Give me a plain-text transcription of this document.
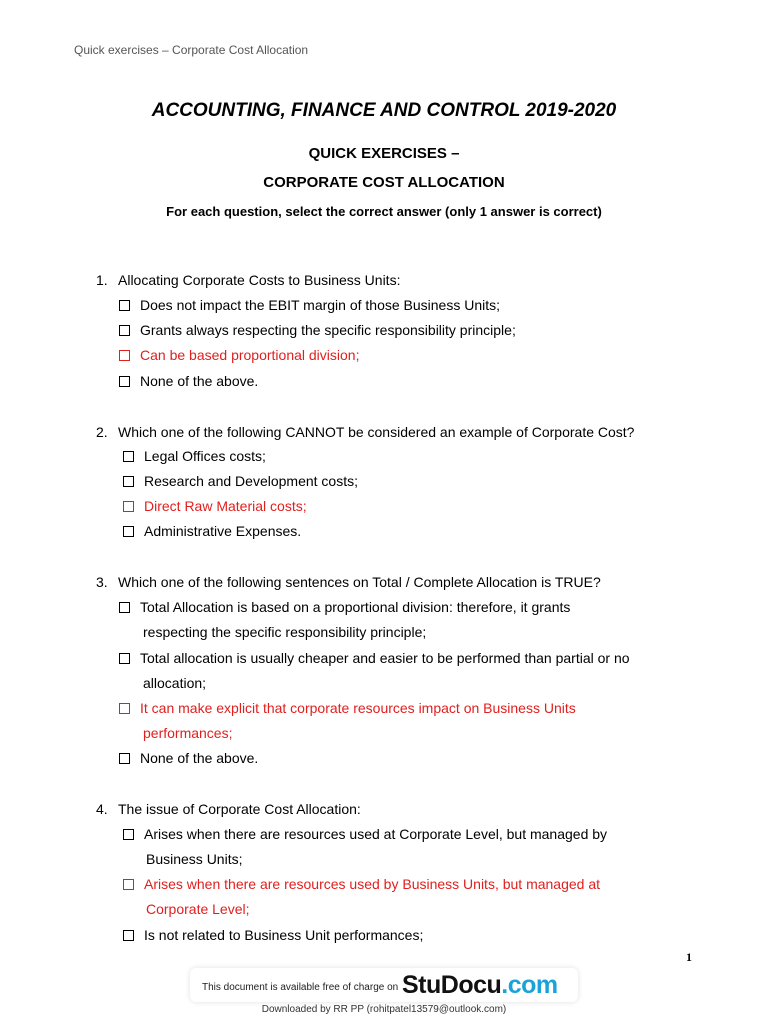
Quick exercises – Corporate Cost Allocation
ACCOUNTING, FINANCE AND CONTROL 2019-2020
QUICK EXERCISES –
CORPORATE COST ALLOCATION
For each question, select the correct answer (only 1 answer is correct)
1. Allocating Corporate Costs to Business Units:
Does not impact the EBIT margin of those Business Units;
Grants always respecting the specific responsibility principle;
Can be based proportional division;
None of the above.
2. Which one of the following CANNOT be considered an example of Corporate Cost?
Legal Offices costs;
Research and Development costs;
Direct Raw Material costs;
Administrative Expenses.
3. Which one of the following sentences on Total / Complete Allocation is TRUE?
Total Allocation is based on a proportional division: therefore, it grants
respecting the specific responsibility principle;
Total allocation is usually cheaper and easier to be performed than partial or no
allocation;
It can make explicit that corporate resources impact on Business Units
performances;
None of the above.
4. The issue of Corporate Cost Allocation:
Arises when there are resources used at Corporate Level, but managed by
Business Units;
Arises when there are resources used by Business Units, but managed at
Corporate Level;
Is not related to Business Unit performances;
1
This document is available free of charge on StuDocu.com
Downloaded by RR PP (rohitpatel13579@outlook.com)
